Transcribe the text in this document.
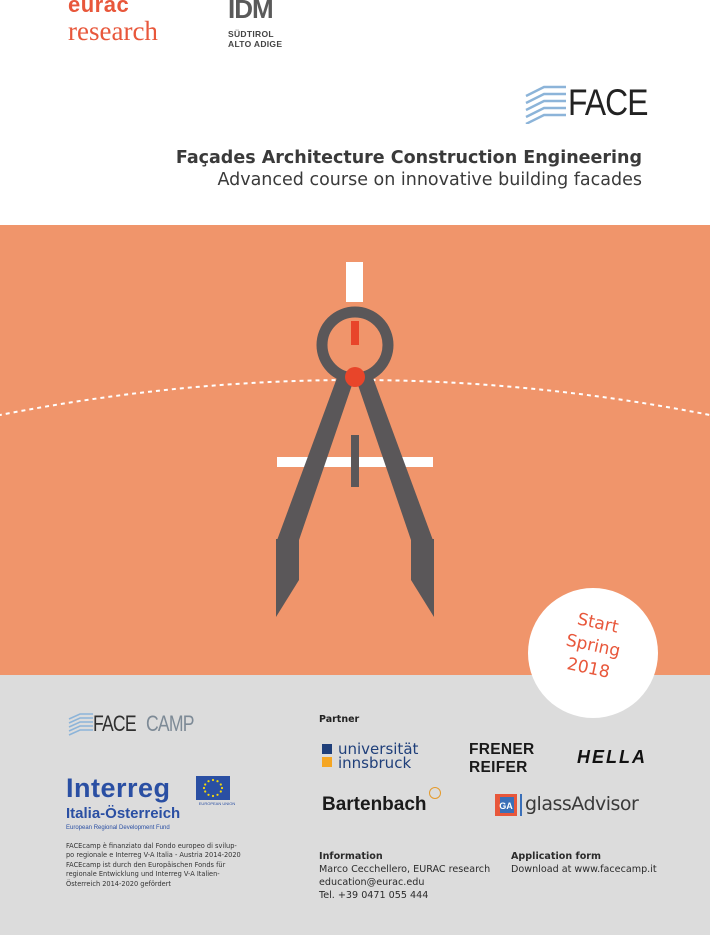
eurac
research
IDM
SÜDTIROL
ALTO ADIGE
FACE
Façades Architecture Construction Engineering
Advanced course on innovative building facades
Start
Spring
2018
FACE CAMP
Interreg
Italia-Österreich
European Regional Development Fund
EUROPEAN UNION
FACEcamp è finanziato dal Fondo europeo di svilup-
po regionale e Interreg V-A Italia - Austria 2014-2020
FACEcamp ist durch den Europäischen Fonds für
regionale Entwicklung und Interreg V-A Italien-
Österreich 2014-2020 gefördert
Partner
universität
innsbruck
FRENER
REIFER
HELLA
Bartenbach	GA glassAdvisor
Information
Marco Cecchellero, EURAC research
education@eurac.edu
Tel. +39 0471 055 444
Application form
Download at www.facecamp.it
